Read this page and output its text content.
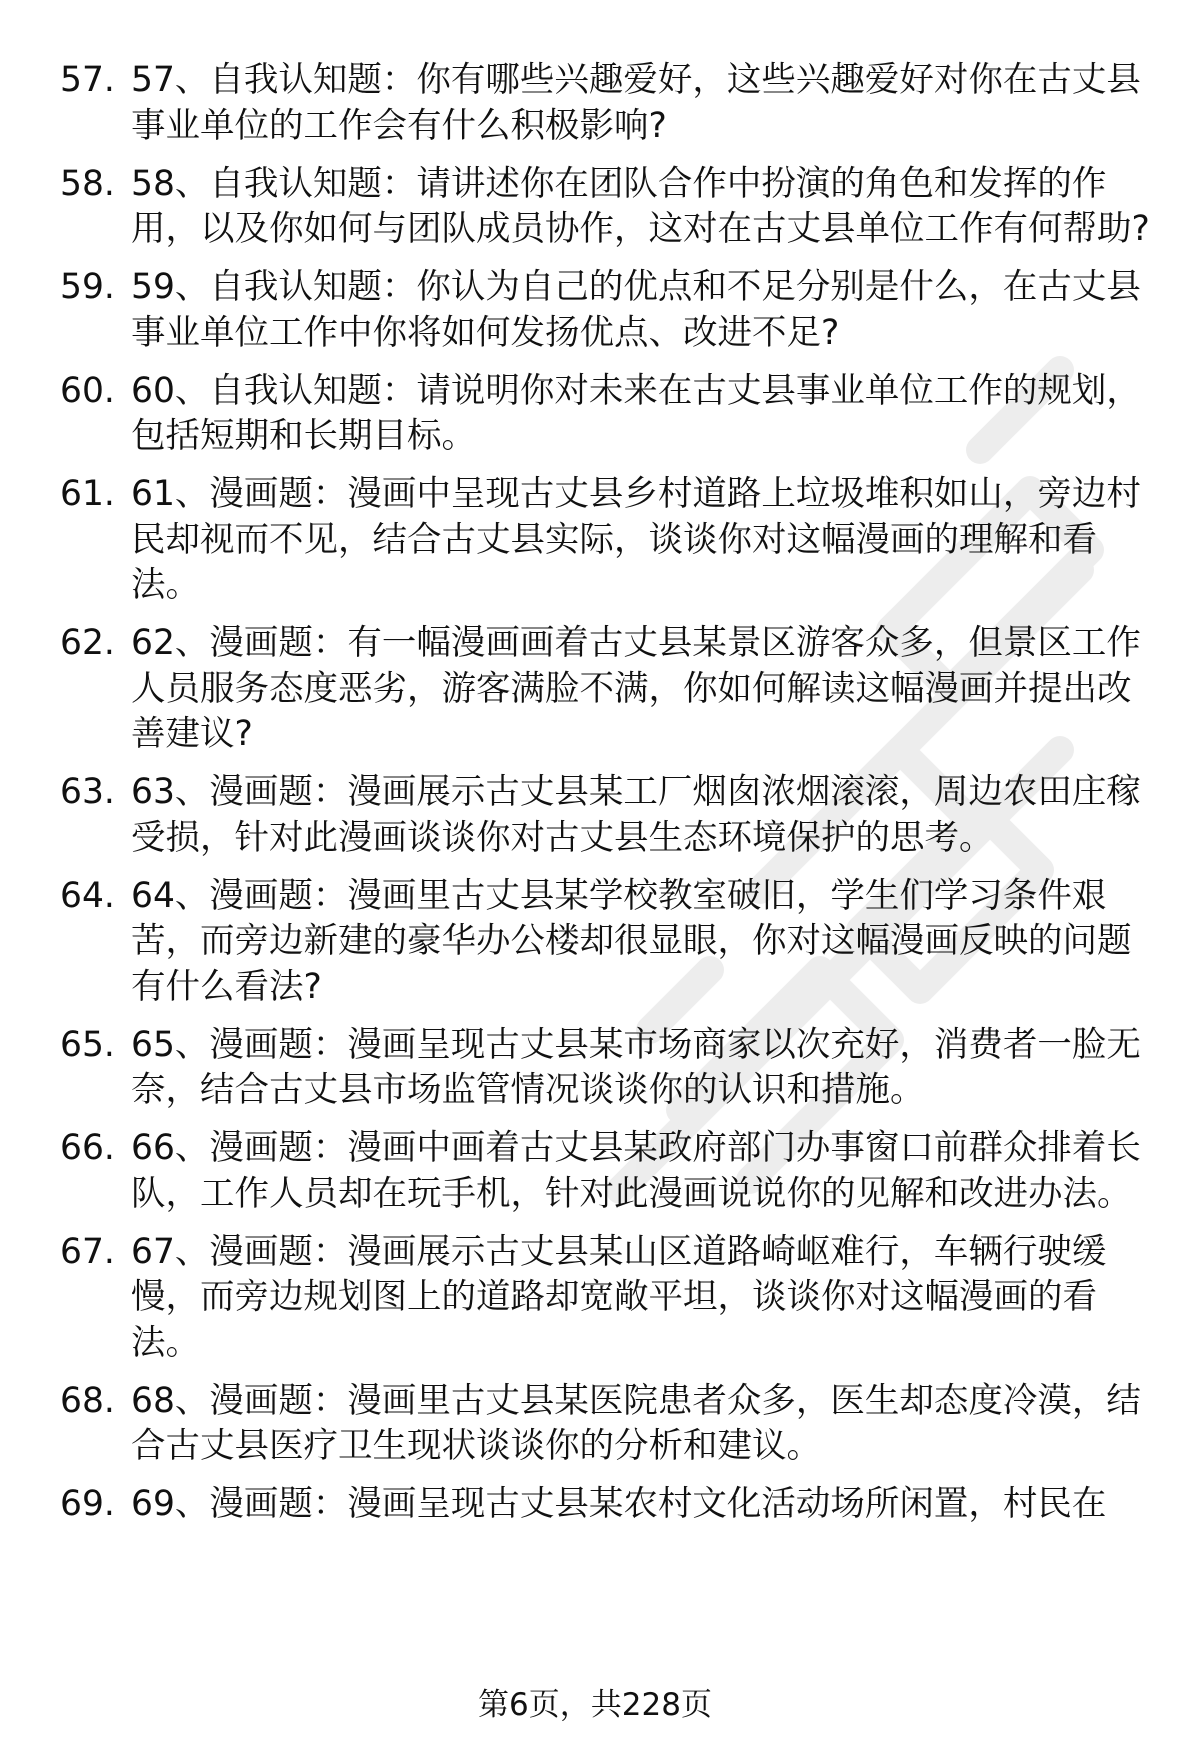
57. 57、自我认知题：你有哪些兴趣爱好，这些兴趣爱好对你在古丈县事业单位的工作会有什么积极影响?
58. 58、自我认知题：请讲述你在团队合作中扮演的角色和发挥的作用，以及你如何与团队成员协作，这对在古丈县单位工作有何帮助?
59. 59、自我认知题：你认为自己的优点和不足分别是什么，在古丈县事业单位工作中你将如何发扬优点、改进不足?
60. 60、自我认知题：请说明你对未来在古丈县事业单位工作的规划，包括短期和长期目标。
61. 61、漫画题：漫画中呈现古丈县乡村道路上垃圾堆积如山，旁边村民却视而不见，结合古丈县实际，谈谈你对这幅漫画的理解和看法。
62. 62、漫画题：有一幅漫画画着古丈县某景区游客众多，但景区工作人员服务态度恶劣，游客满脸不满，你如何解读这幅漫画并提出改善建议?
63. 63、漫画题：漫画展示古丈县某工厂烟囱浓烟滚滚，周边农田庄稼受损，针对此漫画谈谈你对古丈县生态环境保护的思考。
64. 64、漫画题：漫画里古丈县某学校教室破旧，学生们学习条件艰苦，而旁边新建的豪华办公楼却很显眼，你对这幅漫画反映的问题有什么看法?
65. 65、漫画题：漫画呈现古丈县某市场商家以次充好，消费者一脸无奈，结合古丈县市场监管情况谈谈你的认识和措施。
66. 66、漫画题：漫画中画着古丈县某政府部门办事窗口前群众排着长队，工作人员却在玩手机，针对此漫画说说你的见解和改进办法。
67. 67、漫画题：漫画展示古丈县某山区道路崎岖难行，车辆行驶缓慢，而旁边规划图上的道路却宽敞平坦，谈谈你对这幅漫画的看法。
68. 68、漫画题：漫画里古丈县某医院患者众多，医生却态度冷漠，结合古丈县医疗卫生现状谈谈你的分析和建议。
69. 69、漫画题：漫画呈现古丈县某农村文化活动场所闲置，村民在
第6页，共228页
